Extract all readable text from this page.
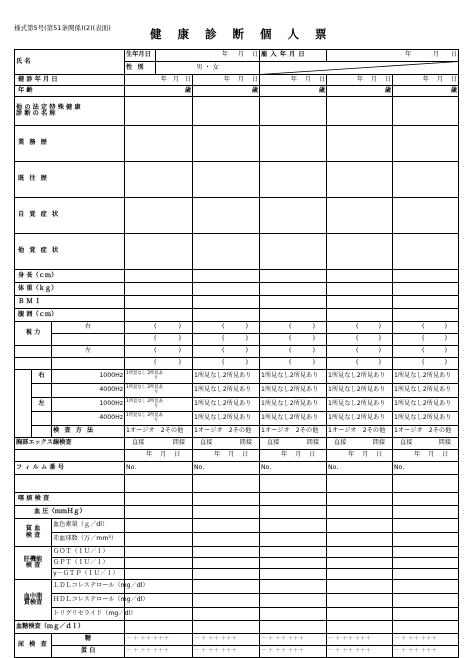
様式第5号(第51条関係)(2)(表面)	健 康 診 断 個 人 票
氏 名			生年月日	年 月 日		雇 入 年 月 日	年 月 日	
			性 別	男 ・ 女				

健 診 年 月 日			年 月 日		年 月 日	年 月 日	年 月 日	年 月 日

年 齢			歳		歳	歳	歳	歳
他 の 法 定 特 殊 健 康
診 断 の 名 称								

業 務 歴								

既 往 歴								

自 覚 症 状								

他 覚 症 状								

身 長（ｃｍ）								

体 重（ｋｇ）								

Ｂ Ｍ Ｉ								

腹 囲（ｃｍ）								

視 力		右	( )		( )	( )	( )	( )

			( )		( )	( )	( )	( )

		左	( )		( )	( )	( )	( )

			( )		( )	( )	( )	( )

	右	1000Hz	1所見なし 2所見あ
り		1所見なし2所見あり	1所見なし2所見あり	1所見なし2所見あり	1所見なし2所見あり
		4000Hz	1所見なし 2所見あ
り		1所見なし2所見あり	1所見なし2所見あり	1所見なし2所見あり	1所見なし2所見あり
	左	1000Hz	1所見なし 2所見あ
り		1所見なし2所見あり	1所見なし2所見あり	1所見なし2所見あり	1所見なし2所見あり
		4000Hz	1所見なし 2所見あ
り		1所見なし2所見あり	1所見なし2所見あり	1所見なし2所見あり	1所見なし2所見あり
		検 査 方 法	1オージオ　2その他		1オージオ　2その他	1オージオ　2その他	1オージオ　2その他	1オージオ　2その他
胸部エックス線検査			直接 間接		直接 間接	直接 間接	直接 間接	直接 間接

			年 月 日		年 月 日	年 月 日	年 月 日	年 月 日

フ ィ ル ム 番 号			No.		No.	No.	No.	No.

喀 痰 検 査								

血 圧（ｍｍＨｇ）								
貧 血
検 査		血色素量（ｇ／dl）						
		赤血球数（万／mm³）						
肝機能
検 査		ＧＯＴ（ＩＵ／ｌ）						
		ＧＰＴ（ＩＵ／ｌ）						
		γ－ＧＴＰ（ＩＵ／ｌ）						
血中脂
質検査		ＬＤＬコレステロール（mg／dl）						
		ＨＤＬコレステロール（mg／dl）						
		トリグリセライド（mg／dl）						
血糖検査（ｍｇ／ｄｌ）								
尿 検 査		糖	－ ＋ ＋＋ ＋＋＋		－ ＋ ＋＋ ＋＋＋	－ ＋ ＋＋ ＋＋＋	－ ＋ ＋＋ ＋＋＋	－ ＋ ＋＋ ＋＋＋
		蛋 白	－ ＋ ＋＋ ＋＋＋		－ ＋ ＋＋ ＋＋＋	－ ＋ ＋＋ ＋＋＋	－ ＋ ＋＋ ＋＋＋	－ ＋ ＋＋ ＋＋＋
